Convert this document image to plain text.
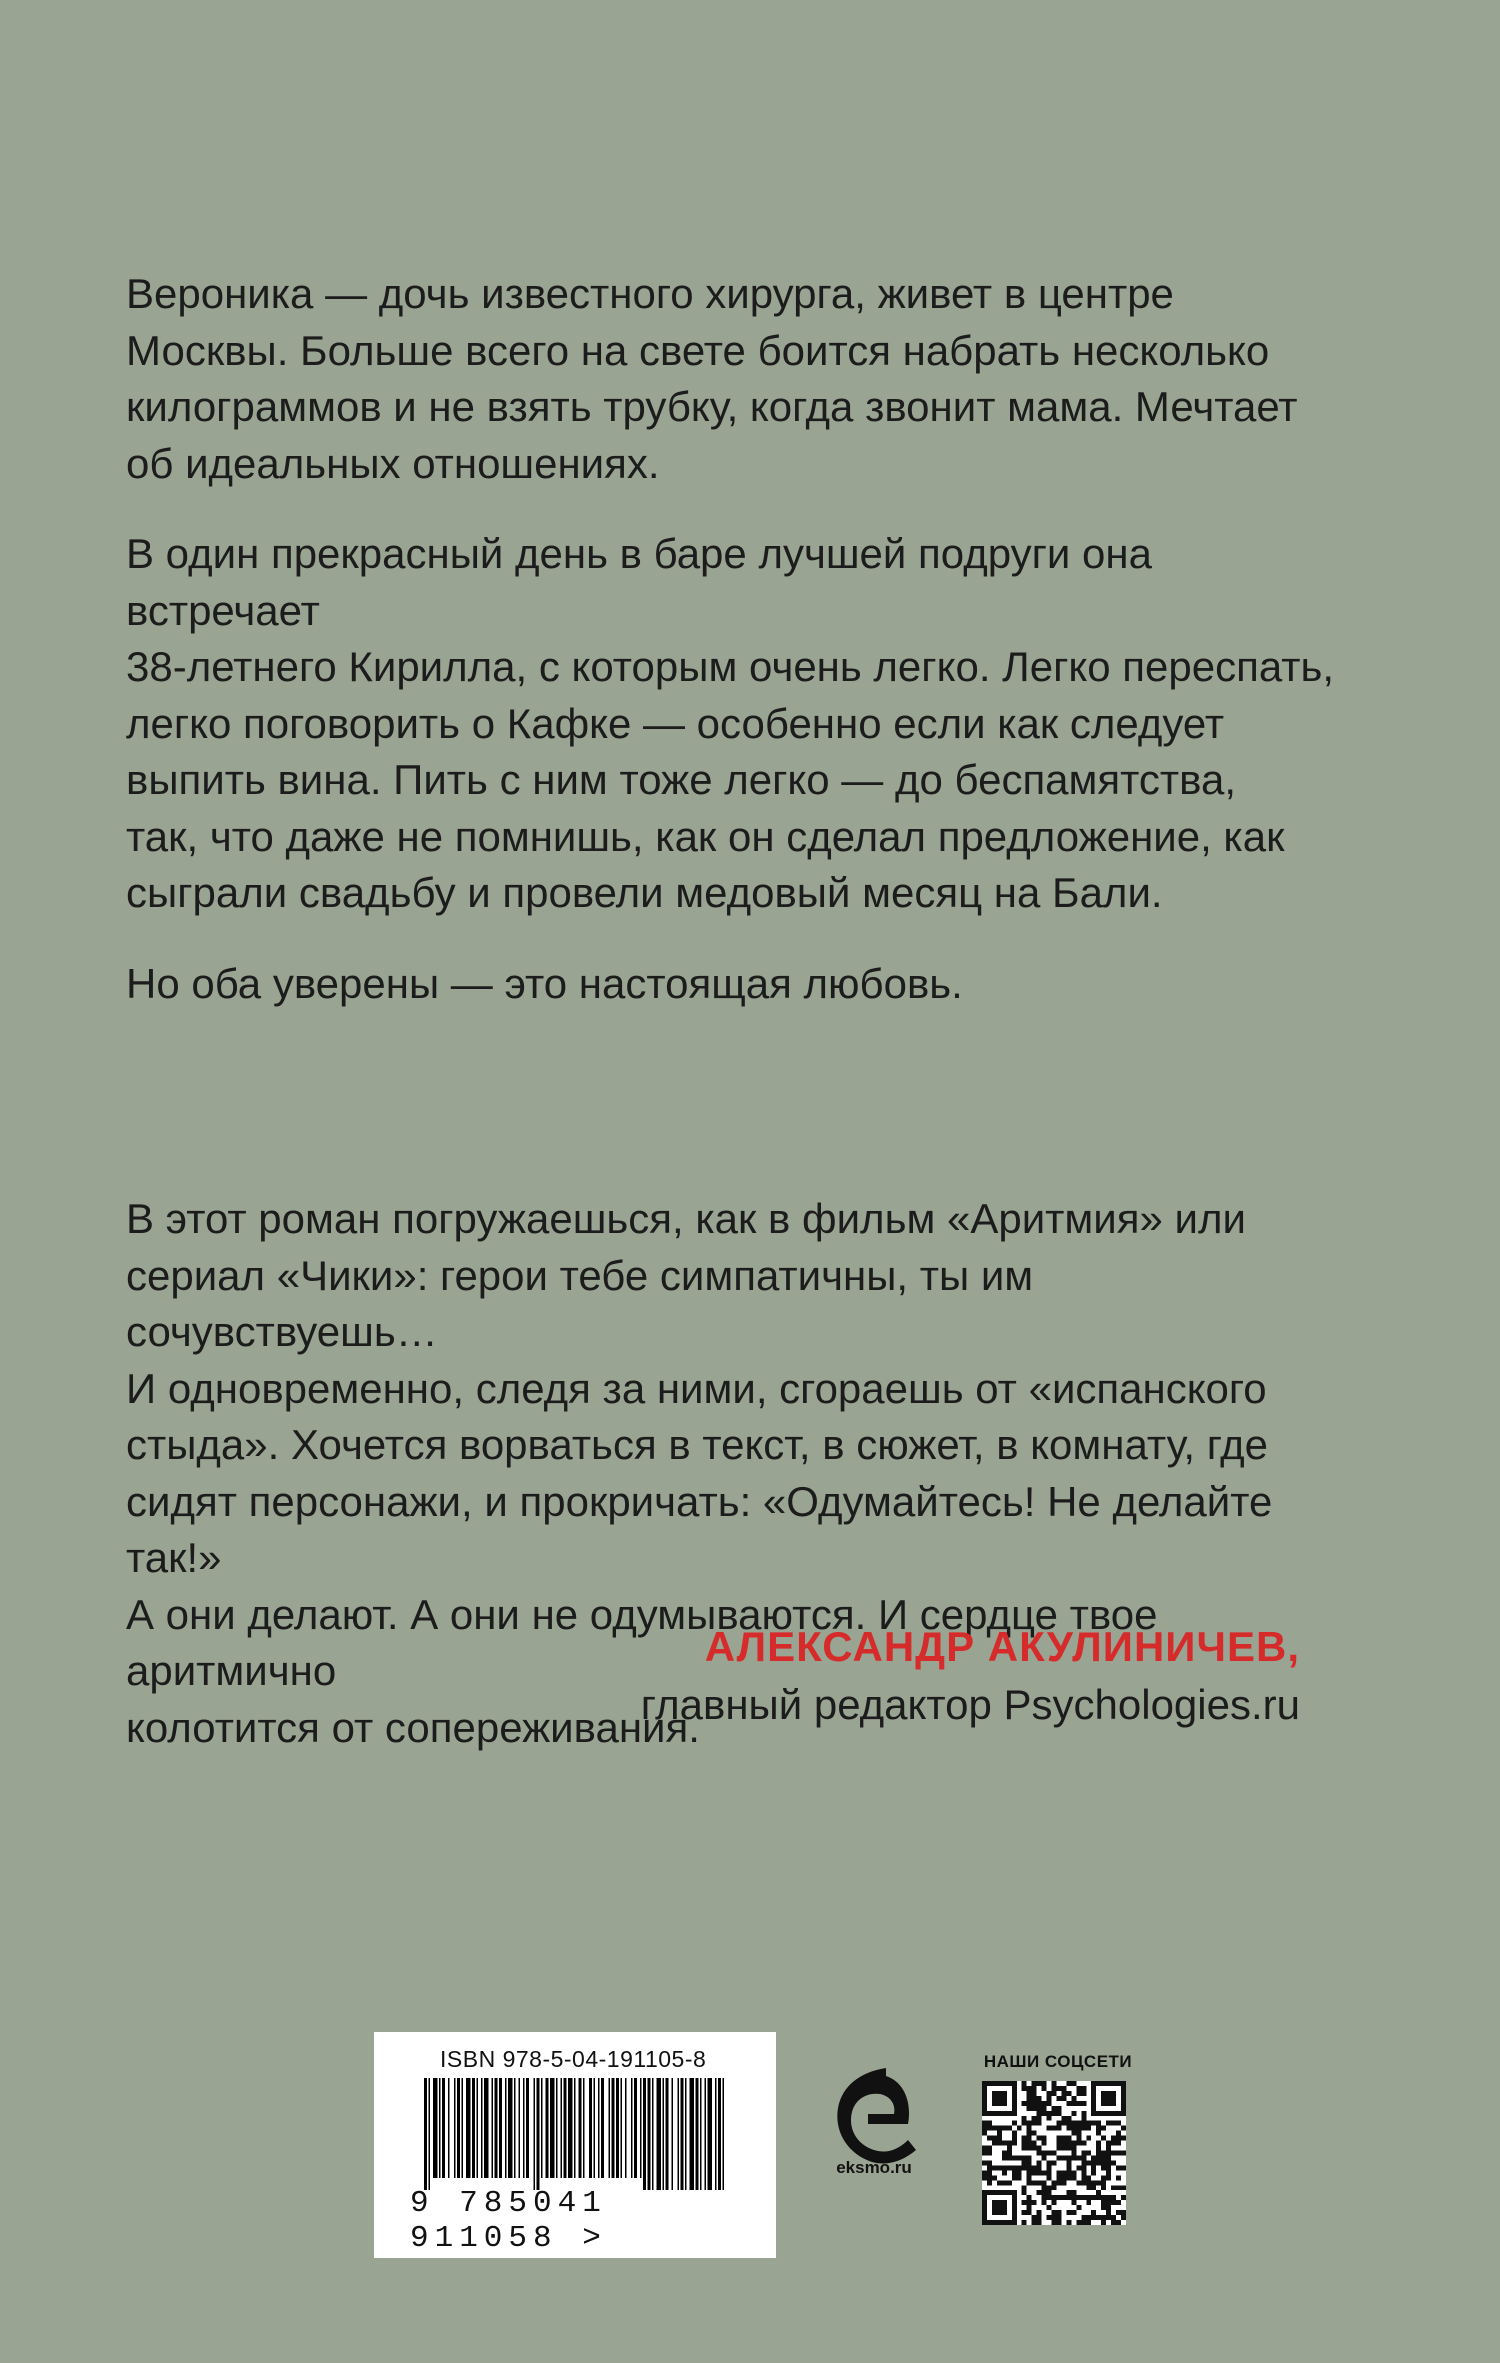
Вероника — дочь известного хирурга, живет в центре
Москвы. Больше всего на свете боится набрать несколько
килограммов и не взять трубку, когда звонит мама. Мечтает
об идеальных отношениях.

В один прекрасный день в баре лучшей подруги она встречает
38-летнего Кирилла, с которым очень легко. Легко переспать,
легко поговорить о Кафке — особенно если как следует
выпить вина. Пить с ним тоже легко — до беспамятства,
так, что даже не помнишь, как он сделал предложение, как
сыграли свадьбу и провели медовый месяц на Бали.

Но оба уверены — это настоящая любовь.

В этот роман погружаешься, как в фильм «Аритмия» или
сериал «Чики»: герои тебе симпатичны, ты им сочувствуешь…
И одновременно, следя за ними, сгораешь от «испанского
стыда». Хочется ворваться в текст, в сюжет, в комнату, где
сидят персонажи, и прокричать: «Одумайтесь! Не делайте так!»
А они делают. А они не одумываются. И сердце твое аритмично
колотится от сопереживания.

АЛЕКСАНДР АКУЛИНИЧЕВ,
главный редактор Psychologies.ru
ISBN 978-5-04-191105-8
9 785041 911058 >
eksmo.ru
НАШИ СОЦСЕТИ
